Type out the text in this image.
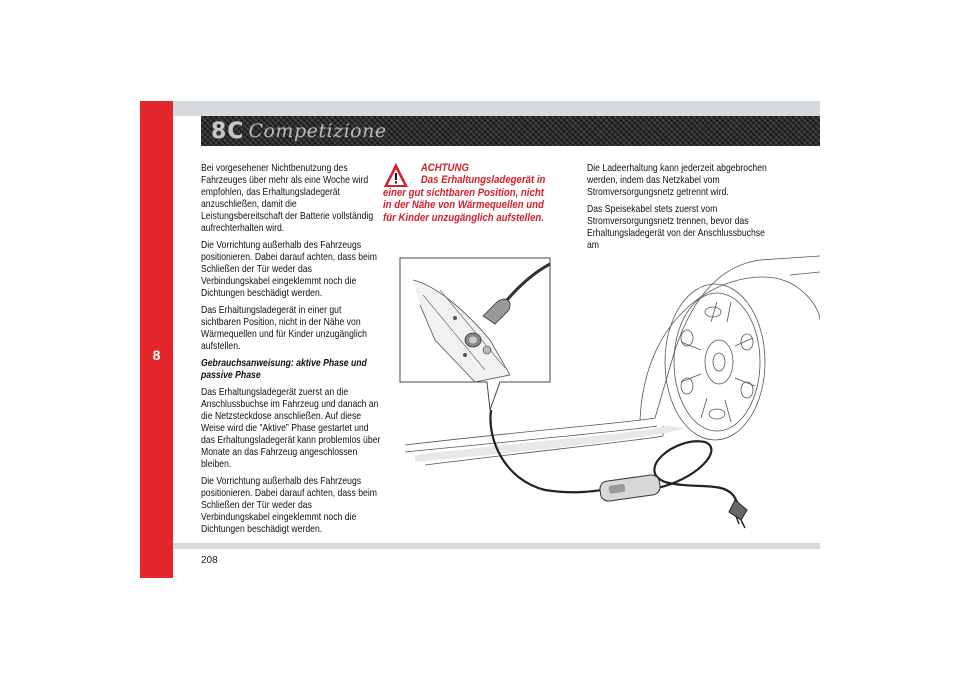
8
8C Competizione

Bei vorgesehener Nichtbenutzung des Fahrzeuges über mehr als eine Woche wird empfohlen, das Erhaltungsladegerät anzuschließen, damit die Leistungsbereitschaft der Batterie vollständig aufrechterhalten wird.

Die Vorrichtung außerhalb des Fahrzeugs positionieren. Dabei darauf achten, dass beim Schließen der Tür weder das Verbindungskabel eingeklemmt noch die Dichtungen beschädigt werden.

Das Erhaltungsladegerät in einer gut sichtbaren Position, nicht in der Nähe von Wärmequellen und für Kinder unzugänglich aufstellen.

Gebrauchsanweisung: aktive Phase und passive Phase

Das Erhaltungsladegerät zuerst an die Anschlussbuchse im Fahrzeug und danach an die Netzsteckdose anschließen. Auf diese Weise wird die ”Aktive” Phase gestartet und das Erhaltungsladegerät kann problemlos über Monate an das Fahrzeug angeschlossen bleiben.

Die Vorrichtung außerhalb des Fahrzeugs positionieren. Dabei darauf achten, dass beim Schließen der Tür weder das Verbindungskabel eingeklemmt noch die Dichtungen beschädigt werden.

ACHTUNG
Das Erhaltungsladegerät in einer gut sichtbaren Position, nicht in der Nähe von Wärmequellen und für Kinder unzugänglich aufstellen.

Die Ladeerhaltung kann jederzeit abgebrochen werden, indem das Netzkabel vom Stromversorgungsnetz getrennt wird.

Das Speisekabel stets zuerst vom Stromversorgungsnetz trennen, bevor das Erhaltungsladegerät von der Anschlussbuchse am

208
